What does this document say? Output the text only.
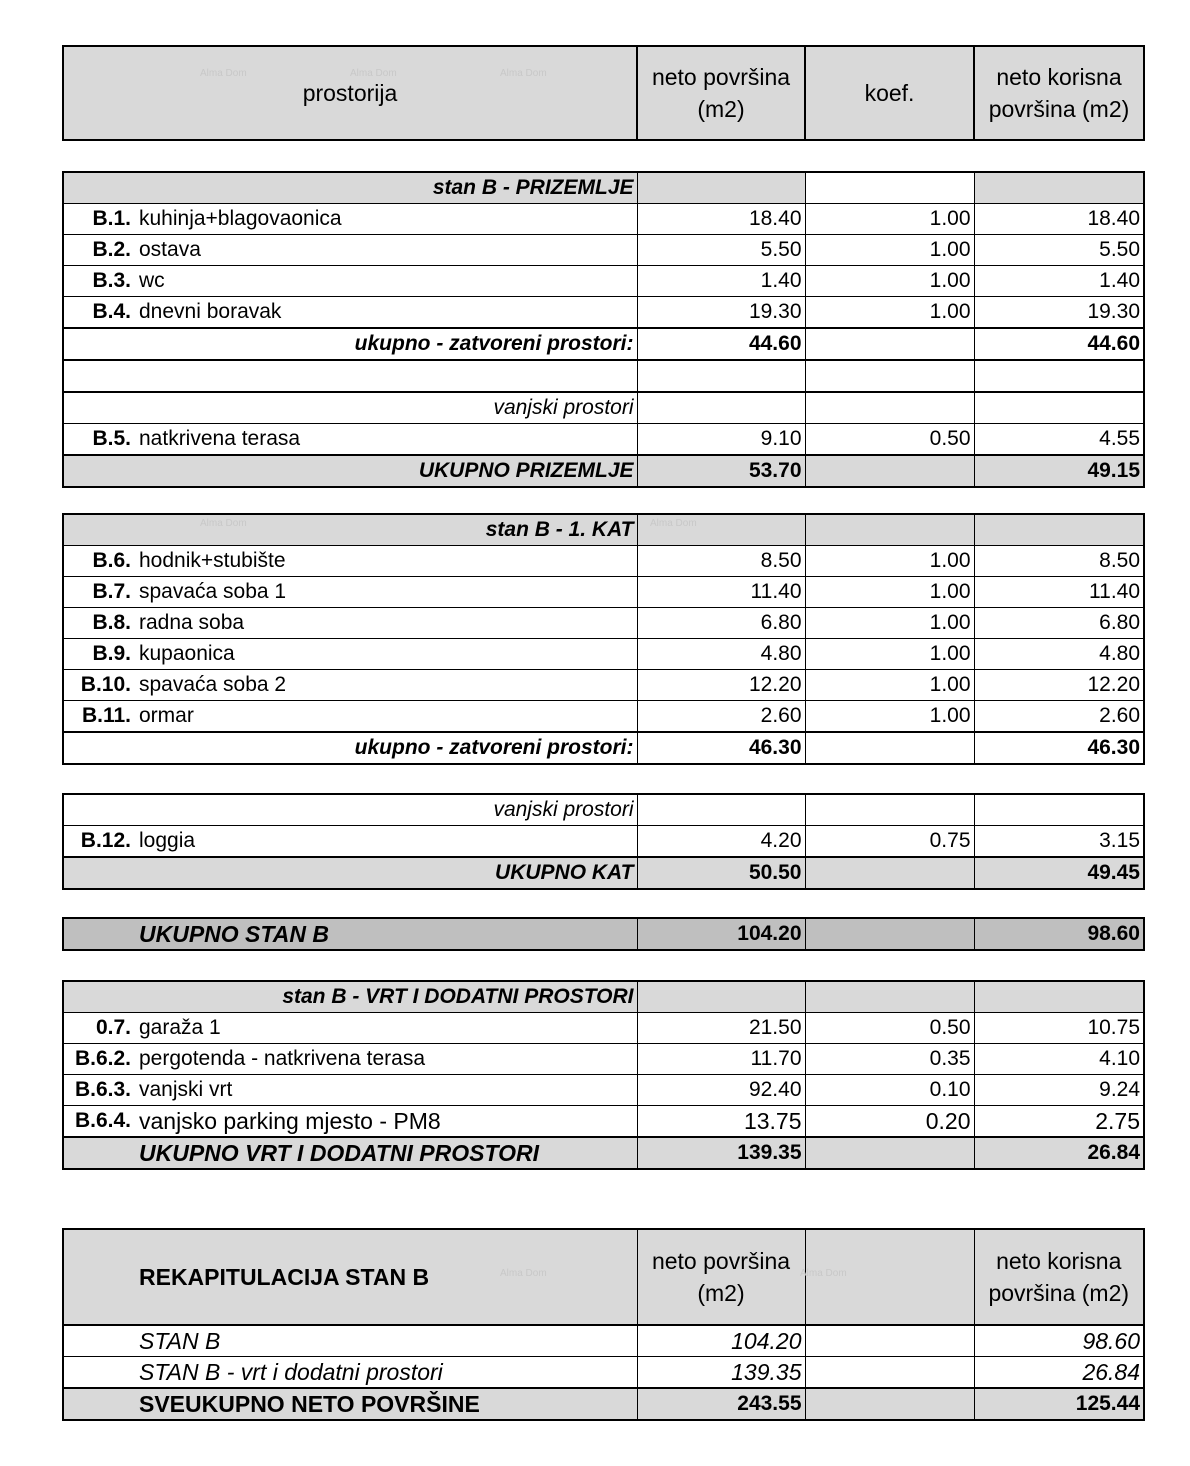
prostorija	neto površina (m2)	koef.	neto korisna površina (m2)
stan B - PRIZEMLJE				
B.1.	kuhinja+blagovaonica	18.40	1.00	18.40
B.2.	ostava	5.50	1.00	5.50
B.3.	wc	1.40	1.00	1.40
B.4.	dnevni boravak	19.30	1.00	19.30
ukupno - zatvoreni prostori:		44.60		44.60

vanjski prostori				
B.5.	natkrivena terasa	9.10	0.50	4.55
UKUPNO PRIZEMLJE		53.70		49.15
stan B - 1. KAT				
B.6.	hodnik+stubište	8.50	1.00	8.50
B.7.	spavaća soba 1	11.40	1.00	11.40
B.8.	radna soba	6.80	1.00	6.80
B.9.	kupaonica	4.80	1.00	4.80
B.10.	spavaća soba 2	12.20	1.00	12.20
B.11.	ormar	2.60	1.00	2.60
ukupno - zatvoreni prostori:		46.30		46.30
vanjski prostori				
B.12.	loggia	4.20	0.75	3.15
UKUPNO KAT		50.50		49.45
	UKUPNO STAN B	104.20		98.60
stan B - VRT I DODATNI PROSTORI				
0.7.	garaža 1	21.50	0.50	10.75
B.6.2.	pergotenda - natkrivena terasa	11.70	0.35	4.10
B.6.3.	vanjski vrt	92.40	0.10	9.24
B.6.4.	vanjsko parking mjesto - PM8	13.75	0.20	2.75
	UKUPNO VRT I DODATNI PROSTORI	139.35		26.84
	REKAPITULACIJA STAN B	neto površina (m2)		neto korisna površina (m2)
	STAN B	104.20		98.60
	STAN B - vrt i dodatni prostori	139.35		26.84
	SVEUKUPNO NETO POVRŠINE	243.55		125.44
Alma Dom	Alma Dom	Alma Dom
Alma Dom	Alma Dom
Alma Dom	Alma Dom
